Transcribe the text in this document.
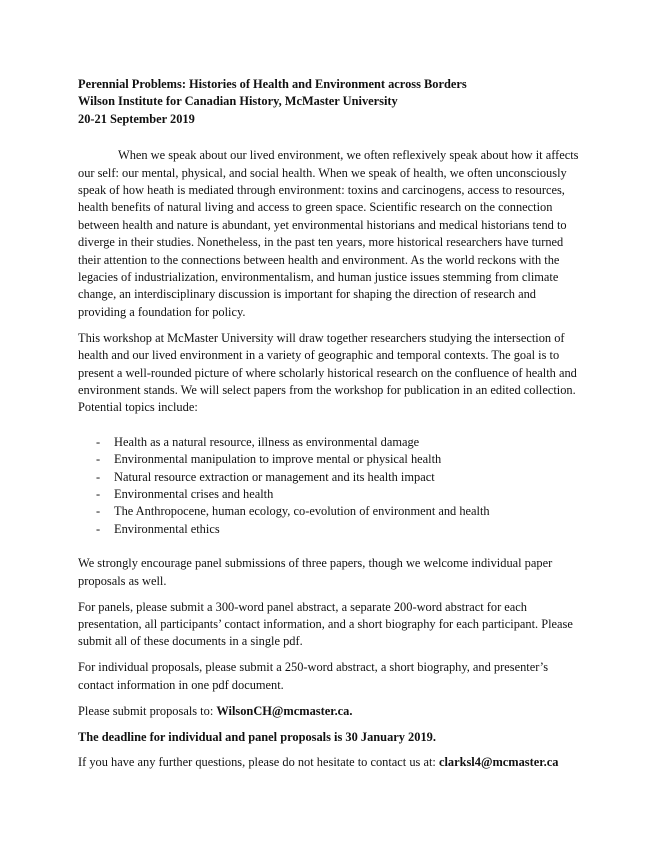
Perennial Problems: Histories of Health and Environment across Borders

Wilson Institute for Canadian History, McMaster University

20-21 September 2019

When we speak about our lived environment, we often reflexively speak about how it affects our self: our mental, physical, and social health. When we speak of health, we often unconsciously speak of how heath is mediated through environment: toxins and carcinogens, access to resources, health benefits of natural living and access to green space. Scientific research on the connection between health and nature is abundant, yet environmental historians and medical historians tend to diverge in their studies. Nonetheless, in the past ten years, more historical researchers have turned their attention to the connections between health and environment. As the world reckons with the legacies of industrialization, environmentalism, and human justice issues stemming from climate change, an interdisciplinary discussion is important for shaping the direction of research and providing a foundation for policy.

This workshop at McMaster University will draw together researchers studying the intersection of health and our lived environment in a variety of geographic and temporal contexts. The goal is to present a well-rounded picture of where scholarly historical research on the confluence of health and environment stands. We will select papers from the workshop for publication in an edited collection. Potential topics include:

-	Health as a natural resource, illness as environmental damage
-	Environmental manipulation to improve mental or physical health
-	Natural resource extraction or management and its health impact
-	Environmental crises and health
-	The Anthropocene, human ecology, co-evolution of environment and health
-	Environmental ethics

We strongly encourage panel submissions of three papers, though we welcome individual paper proposals as well.

For panels, please submit a 300-word panel abstract, a separate 200-word abstract for each presentation, all participants’ contact information, and a short biography for each participant. Please submit all of these documents in a single pdf.

For individual proposals, please submit a 250-word abstract, a short biography, and presenter’s contact information in one pdf document.

Please submit proposals to: WilsonCH@mcmaster.ca.

The deadline for individual and panel proposals is 30 January 2019.

If you have any further questions, please do not hesitate to contact us at: clarksl4@mcmaster.ca
